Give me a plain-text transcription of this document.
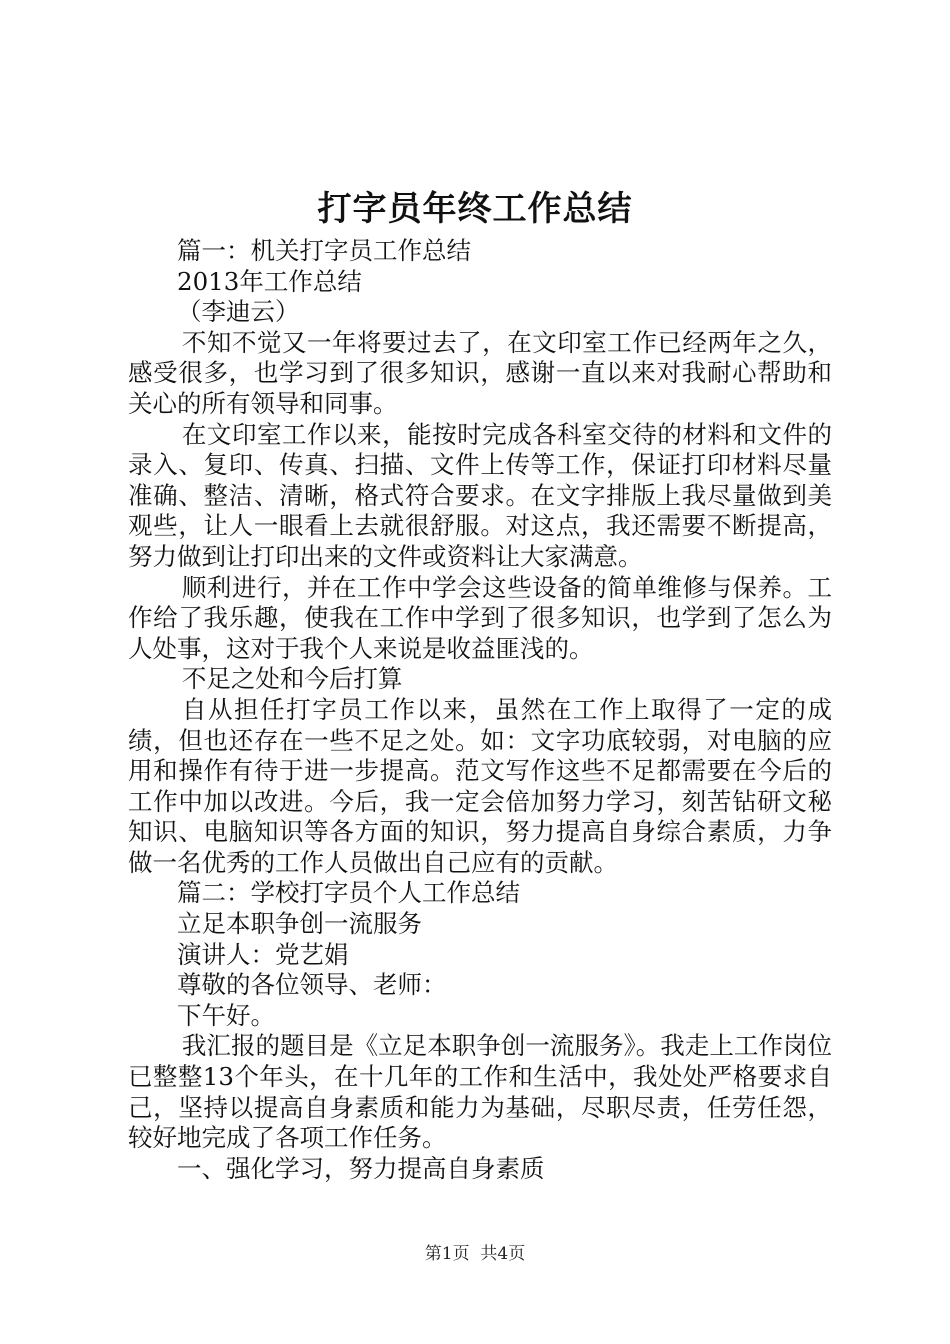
打字员年终工作总结

篇一：机关打字员工作总结

2013年工作总结

（李迪云）

不知不觉又一年将要过去了，在文印室工作已经两年之久，感受很多，也学习到了很多知识，感谢一直以来对我耐心帮助和关心的所有领导和同事。

在文印室工作以来，能按时完成各科室交待的材料和文件的录入、复印、传真、扫描、文件上传等工作，保证打印材料尽量准确、整洁、清晰，格式符合要求。在文字排版上我尽量做到美观些，让人一眼看上去就很舒服。对这点，我还需要不断提高，努力做到让打印出来的文件或资料让大家满意。

顺利进行，并在工作中学会这些设备的简单维修与保养。工作给了我乐趣，使我在工作中学到了很多知识，也学到了怎么为人处事，这对于我个人来说是收益匪浅的。

不足之处和今后打算

自从担任打字员工作以来，虽然在工作上取得了一定的成绩，但也还存在一些不足之处。如：文字功底较弱，对电脑的应用和操作有待于进一步提高。范文写作这些不足都需要在今后的工作中加以改进。今后，我一定会倍加努力学习，刻苦钻研文秘知识、电脑知识等各方面的知识，努力提高自身综合素质，力争做一名优秀的工作人员做出自己应有的贡献。

篇二：学校打字员个人工作总结

立足本职争创一流服务

演讲人：党艺娟

尊敬的各位领导、老师：

下午好。

我汇报的题目是《立足本职争创一流服务》。我走上工作岗位已整整13个年头，在十几年的工作和生活中，我处处严格要求自己，坚持以提高自身素质和能力为基础，尽职尽责，任劳任怨，较好地完成了各项工作任务。

一、强化学习，努力提高自身素质

第1页 共4页
